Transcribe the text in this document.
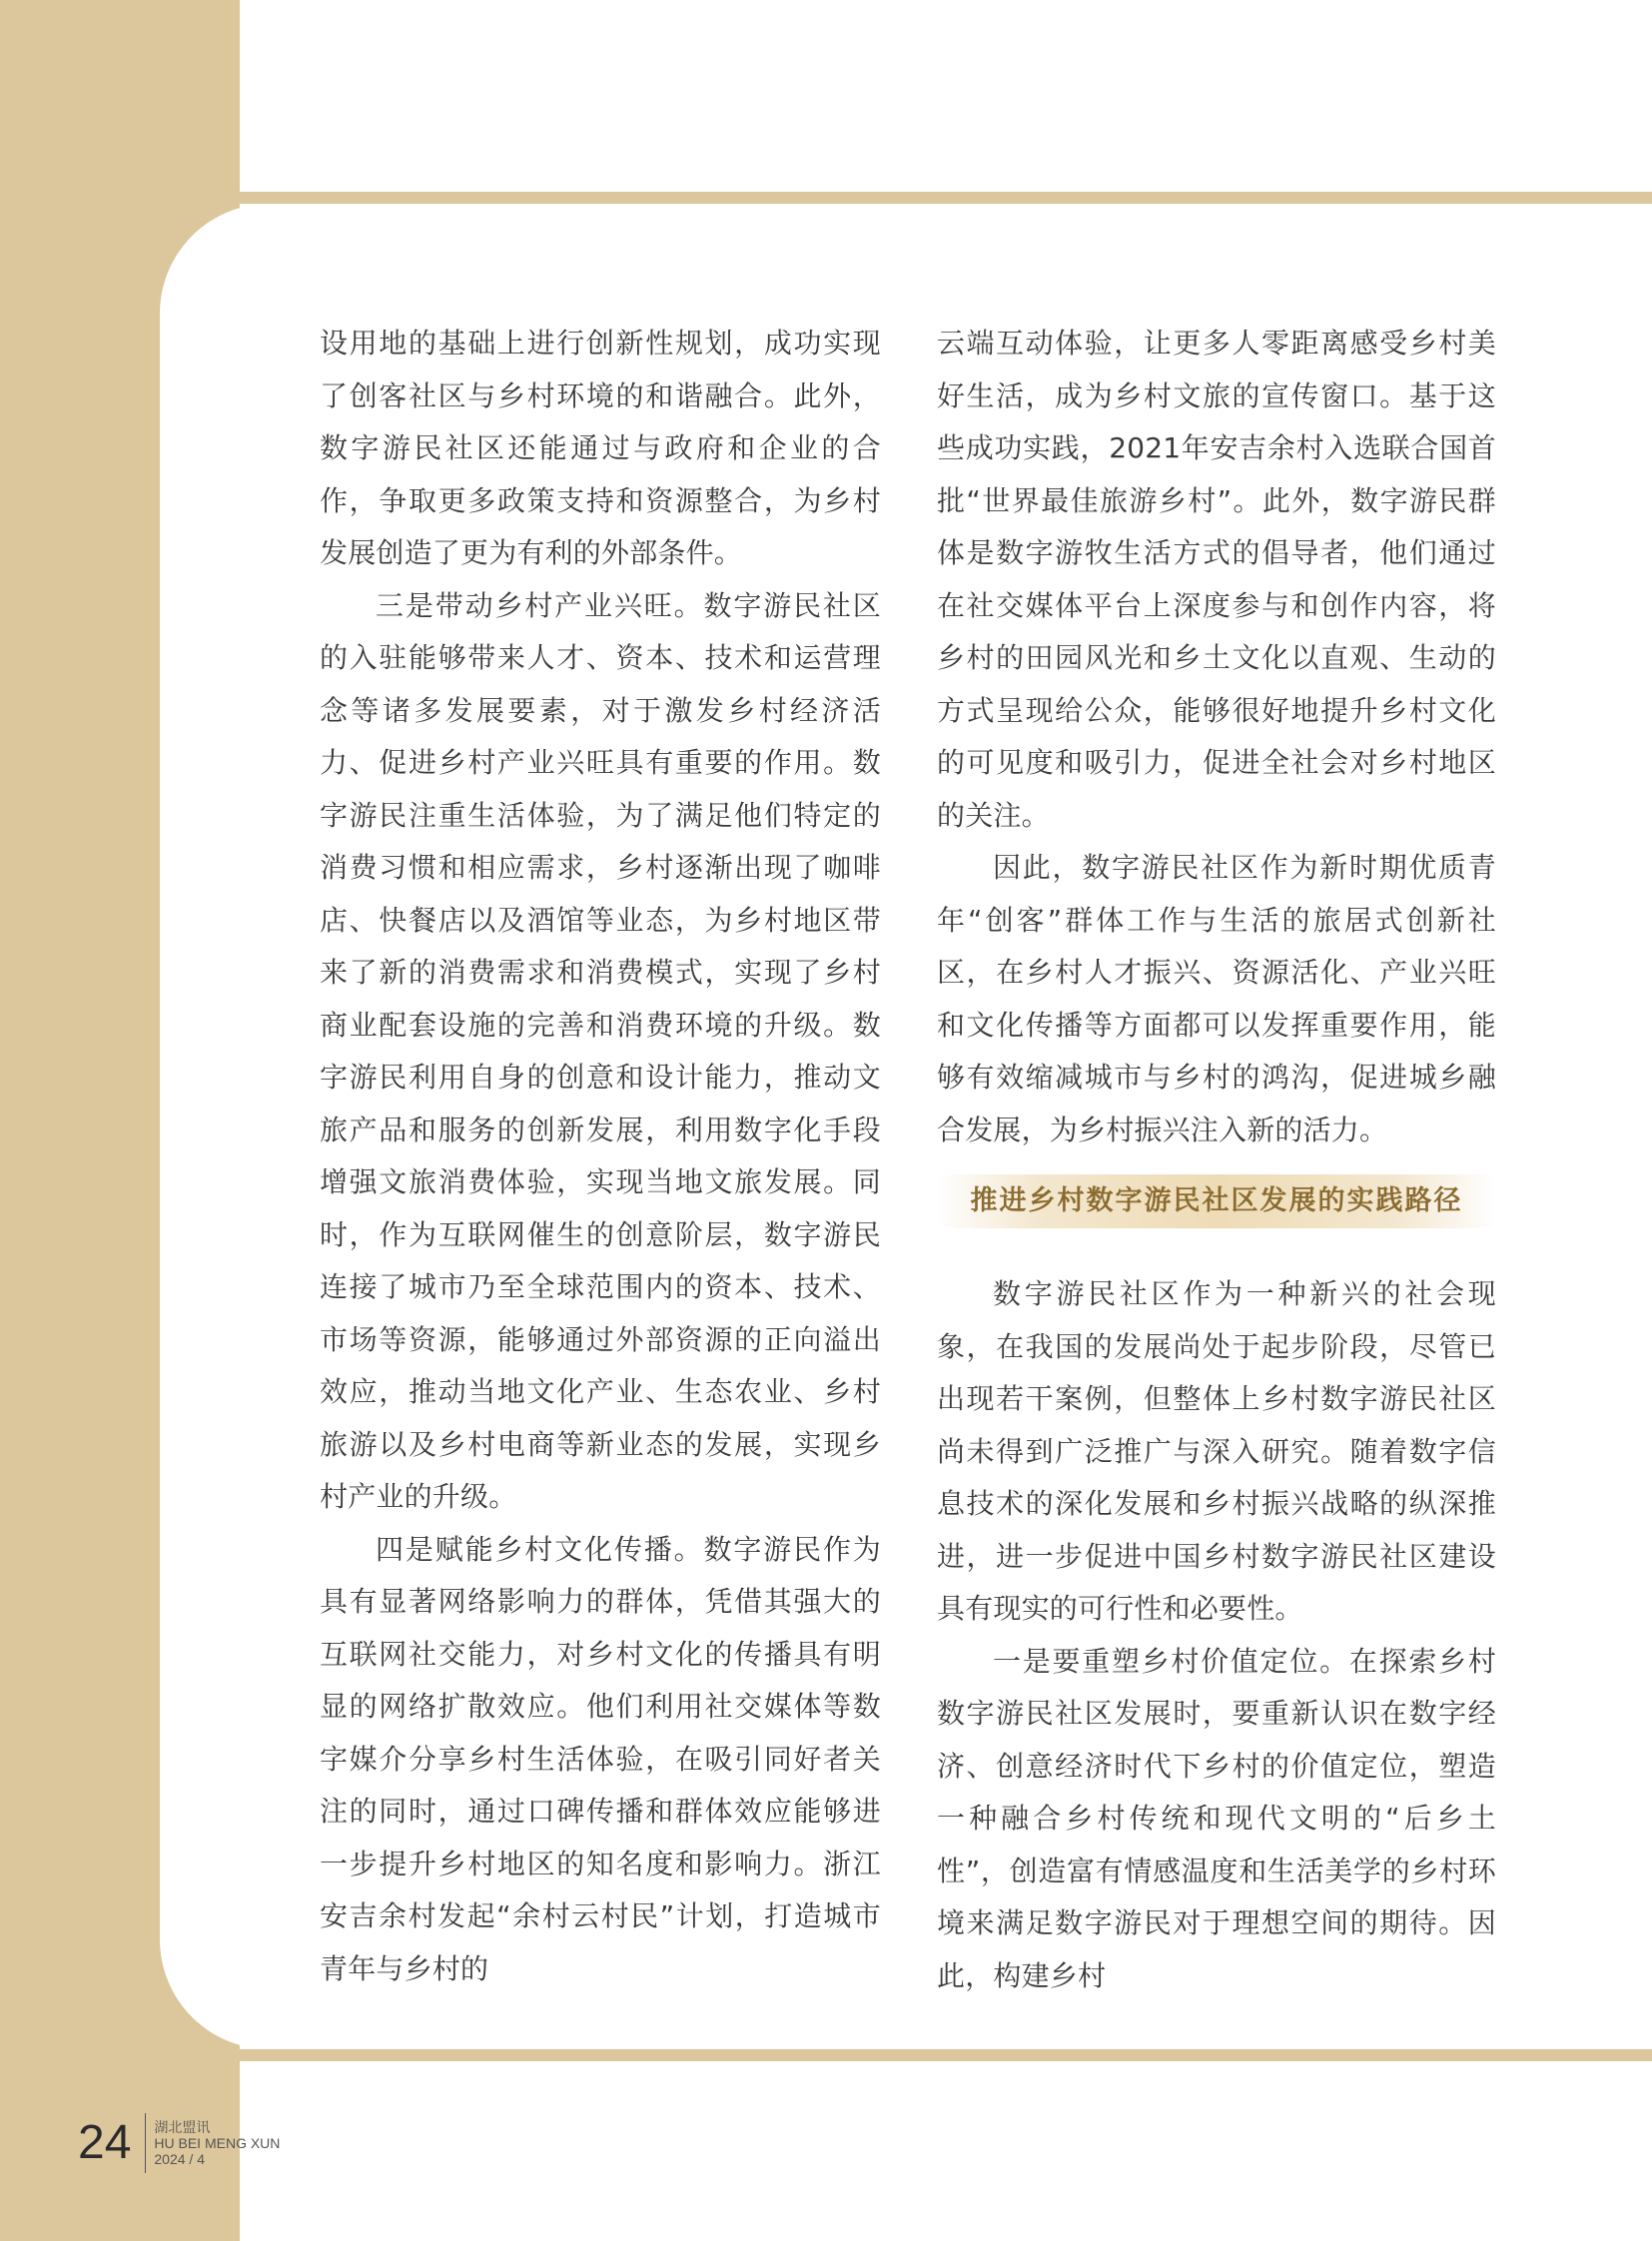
设用地的基础上进行创新性规划，成功实现了创客社区与乡村环境的和谐融合。此外，数字游民社区还能通过与政府和企业的合作，争取更多政策支持和资源整合，为乡村发展创造了更为有利的外部条件。

三是带动乡村产业兴旺。数字游民社区的入驻能够带来人才、资本、技术和运营理念等诸多发展要素，对于激发乡村经济活力、促进乡村产业兴旺具有重要的作用。数字游民注重生活体验，为了满足他们特定的消费习惯和相应需求，乡村逐渐出现了咖啡店、快餐店以及酒馆等业态，为乡村地区带来了新的消费需求和消费模式，实现了乡村商业配套设施的完善和消费环境的升级。数字游民利用自身的创意和设计能力，推动文旅产品和服务的创新发展，利用数字化手段增强文旅消费体验，实现当地文旅发展。同时，作为互联网催生的创意阶层，数字游民连接了城市乃至全球范围内的资本、技术、市场等资源，能够通过外部资源的正向溢出效应，推动当地文化产业、生态农业、乡村旅游以及乡村电商等新业态的发展，实现乡村产业的升级。

四是赋能乡村文化传播。数字游民作为具有显著网络影响力的群体，凭借其强大的互联网社交能力，对乡村文化的传播具有明显的网络扩散效应。他们利用社交媒体等数字媒介分享乡村生活体验，在吸引同好者关注的同时，通过口碑传播和群体效应能够进一步提升乡村地区的知名度和影响力。浙江安吉余村发起“余村云村民”计划，打造城市青年与乡村的

云端互动体验，让更多人零距离感受乡村美好生活，成为乡村文旅的宣传窗口。基于这些成功实践，2021年安吉余村入选联合国首批“世界最佳旅游乡村”。此外，数字游民群体是数字游牧生活方式的倡导者，他们通过在社交媒体平台上深度参与和创作内容，将乡村的田园风光和乡土文化以直观、生动的方式呈现给公众，能够很好地提升乡村文化的可见度和吸引力，促进全社会对乡村地区的关注。

因此，数字游民社区作为新时期优质青年“创客”群体工作与生活的旅居式创新社区，在乡村人才振兴、资源活化、产业兴旺和文化传播等方面都可以发挥重要作用，能够有效缩减城市与乡村的鸿沟，促进城乡融合发展，为乡村振兴注入新的活力。

推进乡村数字游民社区发展的实践路径

数字游民社区作为一种新兴的社会现象，在我国的发展尚处于起步阶段，尽管已出现若干案例，但整体上乡村数字游民社区尚未得到广泛推广与深入研究。随着数字信息技术的深化发展和乡村振兴战略的纵深推进，进一步促进中国乡村数字游民社区建设具有现实的可行性和必要性。

一是要重塑乡村价值定位。在探索乡村数字游民社区发展时，要重新认识在数字经济、创意经济时代下乡村的价值定位，塑造一种融合乡村传统和现代文明的“后乡土性”，创造富有情感温度和生活美学的乡村环境来满足数字游民对于理想空间的期待。因此，构建乡村

24	湖北盟讯
HU BEI MENG XUN
2024 / 4
